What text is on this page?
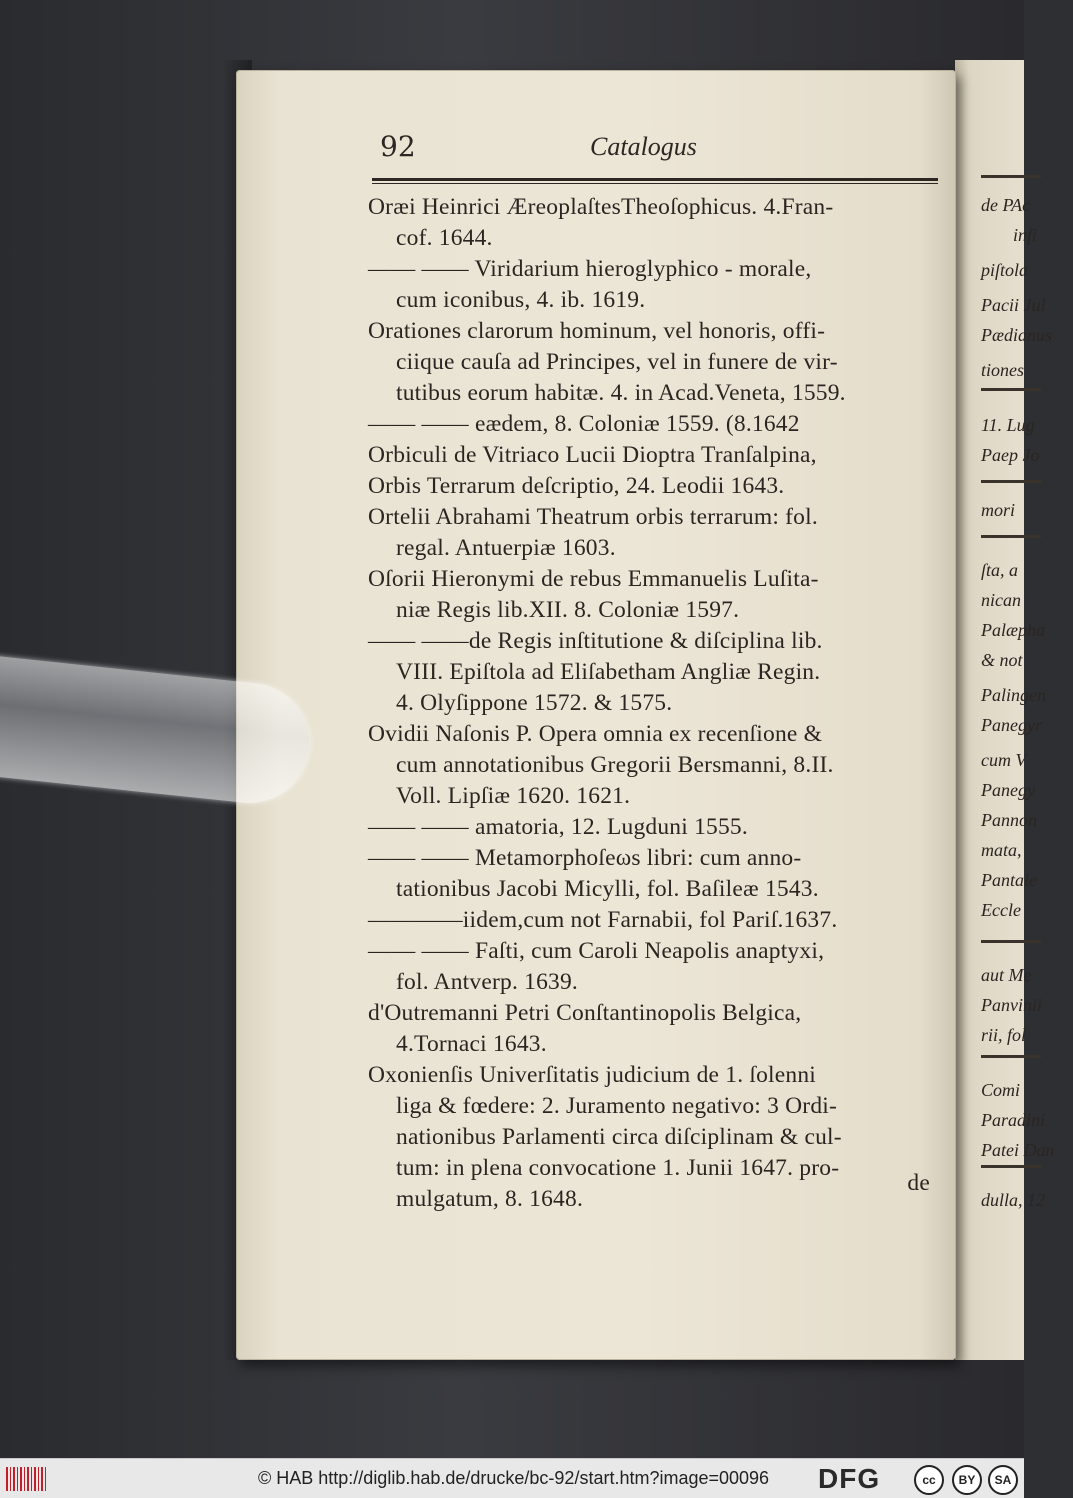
de PAc
infi
piſtola
Pacii Jul
Pædianus
tiones
11. Lug
Paep Jo
mori
ſta, a
nican
Palæpha
& not
Palingen
Panegyr
cum V
Panegy
Pannon
mata,
Pantale
Eccle
aut Me
Panvinii
rii, fol
Comi
Paradini
Patei Dan
dulla, 12
92	Catalogus
Oræi Heinrici ÆreoplaſtesTheoſophicus. 4.Fran-
cof. 1644.
—— —— Viridarium hieroglyphico - morale,
cum iconibus, 4. ib. 1619.
Orationes clarorum hominum, vel honoris, offi-
ciique cauſa ad Principes, vel in funere de vir-
tutibus eorum habitæ. 4. in Acad.Veneta, 1559.
—— —— eædem, 8. Coloniæ 1559. (8.1642
Orbiculi de Vitriaco Lucii Dioptra Tranſalpina,
Orbis Terrarum deſcriptio, 24. Leodii 1643.
Ortelii Abrahami Theatrum orbis terrarum: fol.
regal. Antuerpiæ 1603.
Oſorii Hieronymi de rebus Emmanuelis Luſita-
niæ Regis lib.XII. 8. Coloniæ 1597.
—— ——de Regis inſtitutione & diſciplina lib.
VIII. Epiſtola ad Eliſabetham Angliæ Regin.
4. Olyſippone 1572. & 1575.
Ovidii Naſonis P. Opera omnia ex recenſione &
cum annotationibus Gregorii Bersmanni, 8.II.
Voll. Lipſiæ 1620. 1621.
—— —— amatoria, 12. Lugduni 1555.
—— —— Metamorphoſeωs libri: cum anno-
tationibus Jacobi Micylli, fol. Baſileæ 1543.
————iidem,cum not Farnabii, fol Pariſ.1637.
—— —— Faſti, cum Caroli Neapolis anaptyxi,
fol. Antverp. 1639.
d'Outremanni Petri Conſtantinopolis Belgica,
4.Tornaci 1643.
Oxonienſis Univerſitatis judicium de 1. ſolenni
liga & fœdere: 2. Juramento negativo: 3 Ordi-
nationibus Parlamenti circa diſciplinam & cul-
tum: in plena convocatione 1. Junii 1647. pro-
mulgatum, 8. 1648.
de
© HAB http://diglib.hab.de/drucke/bc-92/start.htm?image=00096 DFG	cc	BY	SA
